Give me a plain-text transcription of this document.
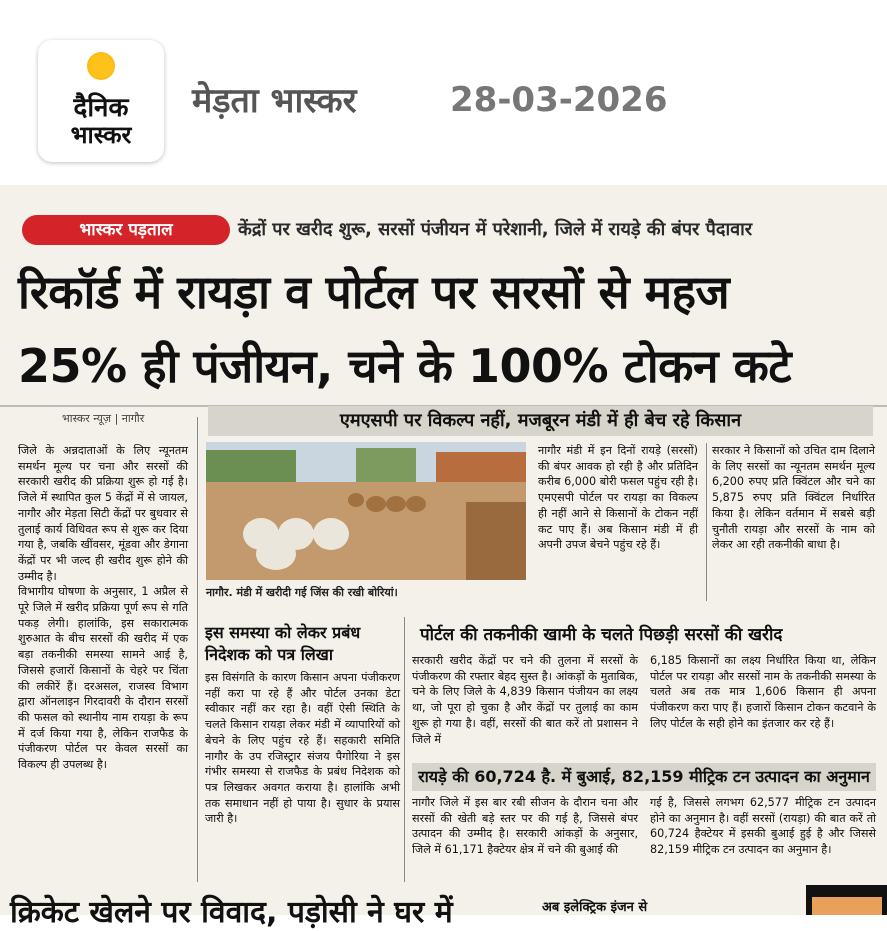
दैनिक
भास्कर
मेड़ता भास्कर	28-03-2026
भास्कर पड़ताल	केंद्रों पर खरीद शुरू, सरसों पंजीयन में परेशानी, जिले में रायड़े की बंपर पैदावार
रिकॉर्ड में रायड़ा व पोर्टल पर सरसों से महज
25% ही पंजीयन, चने के 100% टोकन कटे
भास्कर न्यूज़ | नागौर	एमएसपी पर विकल्प नहीं, मजबूरन मंडी में ही बेच रहे किसान
जिले के अन्नदाताओं के लिए न्यूनतम समर्थन मूल्य पर चना और सरसों की सरकारी खरीद की प्रक्रिया शुरू हो गई है। जिले में स्थापित कुल 5 केंद्रों में से जायल, नागौर और मेड़ता सिटी केंद्रों पर बुधवार से तुलाई कार्य विधिवत रूप से शुरू कर दिया गया है, जबकि खींवसर, मूंडवा और डेगाना केंद्रों पर भी जल्द ही खरीद शुरू होने की उम्मीद है।
विभागीय घोषणा के अनुसार, 1 अप्रैल से पूरे जिले में खरीद प्रक्रिया पूर्ण रूप से गति पकड़ लेगी। हालांकि, इस सकारात्मक शुरुआत के बीच सरसों की खरीद में एक बड़ा तकनीकी समस्या सामने आई है, जिससे हजारों किसानों के चेहरे पर चिंता की लकीरें हैं। दरअसल, राजस्व विभाग द्वारा ऑनलाइन गिरदावरी के दौरान सरसों की फसल को स्थानीय नाम रायड़ा के रूप में दर्ज किया गया है, लेकिन राजफैड के पंजीकरण पोर्टल पर केवल सरसों का विकल्प ही उपलब्ध है।
नागौर. मंडी में खरीदी गई जिंस की रखी बोरियां।
नागौर मंडी में इन दिनों रायड़े (सरसों) की बंपर आवक हो रही है और प्रतिदिन करीब 6,000 बोरी फसल पहुंच रही है। एमएसपी पोर्टल पर रायड़ा का विकल्प ही नहीं आने से किसानों के टोकन नहीं कट पाए हैं। अब किसान मंडी में ही अपनी उपज बेचने पहुंच रहे हैं।
सरकार ने किसानों को उचित दाम दिलाने के लिए सरसों का न्यूनतम समर्थन मूल्य 6,200 रुपए प्रति क्विंटल और चने का 5,875 रुपए प्रति क्विंटल निर्धारित किया है। लेकिन वर्तमान में सबसे बड़ी चुनौती रायड़ा और सरसों के नाम को लेकर आ रही तकनीकी बाधा है।
इस समस्या को लेकर प्रबंध निदेशक को पत्र लिखा
इस विसंगति के कारण किसान अपना पंजीकरण नहीं करा पा रहे हैं और पोर्टल उनका डेटा स्वीकार नहीं कर रहा है। वहीं ऐसी स्थिति के चलते किसान रायड़ा लेकर मंडी में व्यापारियों को बेचने के लिए पहुंच रहे हैं। सहकारी समिति नागौर के उप रजिस्ट्रार संजय पैगोरिया ने इस गंभीर समस्या से राजफैड के प्रबंध निदेशक को पत्र लिखकर अवगत कराया है। हालांकि अभी तक समाधान नहीं हो पाया है। सुधार के प्रयास जारी है।
पोर्टल की तकनीकी खामी के चलते पिछड़ी सरसों की खरीद
सरकारी खरीद केंद्रों पर चने की तुलना में सरसों के पंजीकरण की रफ्तार बेहद सुस्त है। आंकड़ों के मुताबिक, चने के लिए जिले के 4,839 किसान पंजीयन का लक्ष्य था, जो पूरा हो चुका है और केंद्रों पर तुलाई का काम शुरू हो गया है। वहीं, सरसों की बात करें तो प्रशासन ने जिले में
6,185 किसानों का लक्ष्य निर्धारित किया था, लेकिन पोर्टल पर रायड़ा और सरसों नाम के तकनीकी समस्या के चलते अब तक मात्र 1,606 किसान ही अपना पंजीकरण करा पाए हैं। हजारों किसान टोकन कटवाने के लिए पोर्टल के सही होने का इंतजार कर रहे हैं।
रायड़े की 60,724 है. में बुआई, 82,159 मीट्रिक टन उत्पादन का अनुमान
नागौर जिले में इस बार रबी सीजन के दौरान चना और सरसों की खेती बड़े स्तर पर की गई है, जिससे बंपर उत्पादन की उम्मीद है। सरकारी आंकड़ों के अनुसार, जिले में 61,171 हैक्टेयर क्षेत्र में चने की बुआई की
गई है, जिससे लगभग 62,577 मीट्रिक टन उत्पादन होने का अनुमान है। वहीं सरसों (रायड़ा) की बात करें तो 60,724 हैक्टेयर में इसकी बुआई हुई है और जिससे 82,159 मीट्रिक टन उत्पादन का अनुमान है।
क्रिकेट खेलने पर विवाद, पड़ोसी ने घर में	अब इलेक्ट्रिक इंजन से
